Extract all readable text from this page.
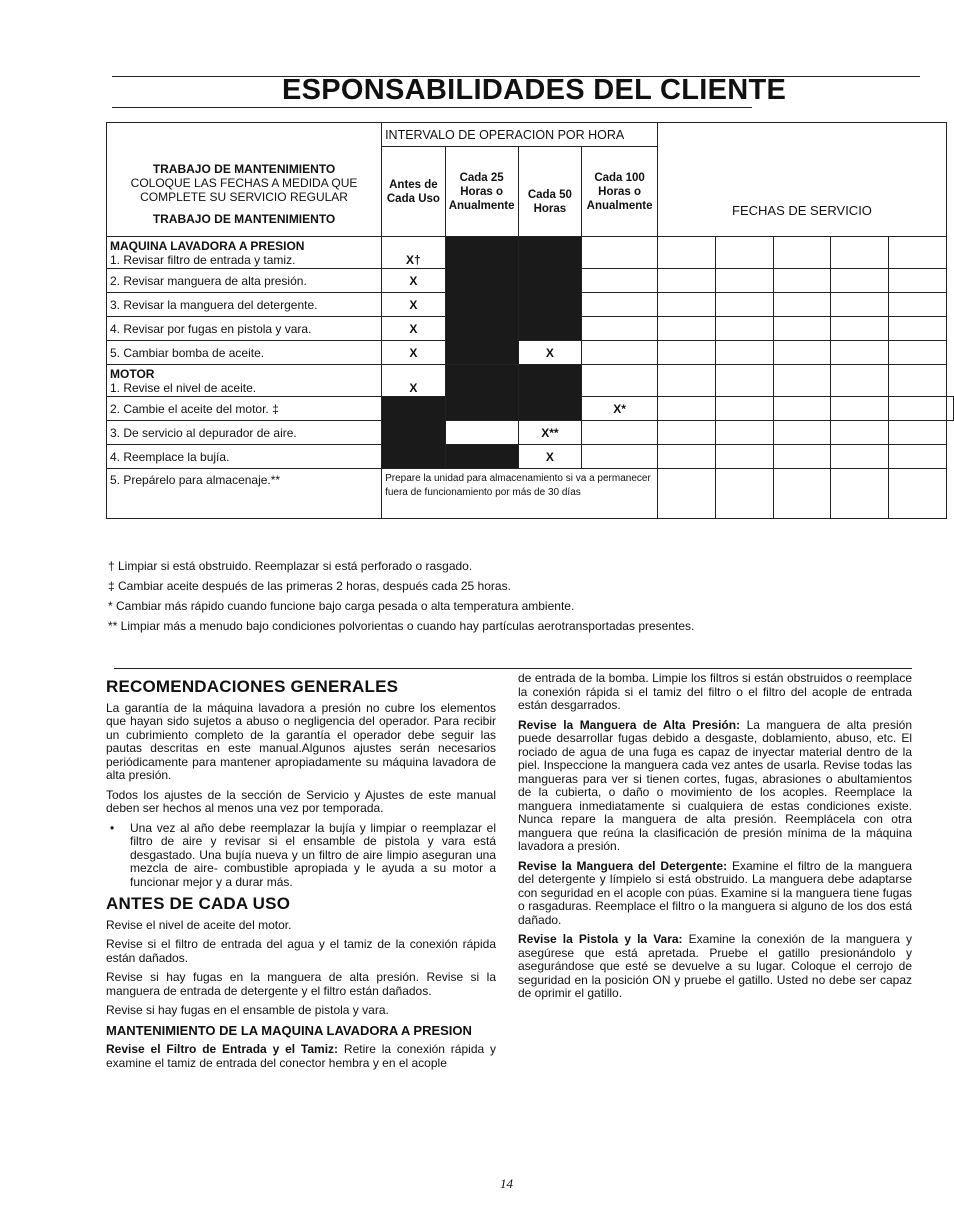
ESPONSABILIDADES DEL CLIENTE
TRABAJO DE MANTENIMIENTO
COLOQUE LAS FECHAS A MEDIDA QUE
COMPLETE SU SERVICIO REGULAR
TRABAJO DE MANTENIMIENTO	INTERVALO DE OPERACION POR HORA				FECHAS DE SERVICIO					
	Antes de Cada Uso	Cada 25 Horas o Anualmente	Cada 50 Horas	Cada 100 Horas o Anualmente						

MAQUINA LAVADORA A PRESION
1. Revisar filtro de entrada y tamiz.	X†									
2. Revisar manguera de alta presión.	X									
3. Revisar la manguera del detergente.	X									
4. Revisar por fugas en pistola y vara.	X									
5. Cambiar bomba de aceite.	X		X							

MOTOR
1. Revise el nivel de aceite.	X									
2. Cambie el aceite del motor. ‡				X*						
3. De servicio al depurador de aire.			X**							
4. Reemplace la bujía.			X							
5. Prepárelo para almacenaje.**	Prepare la unidad para almacenamiento si va a permanecer fuera de funcionamiento por más de 30 días									
† Limpiar si está obstruido. Reemplazar si está perforado o rasgado.
‡ Cambiar aceite después de las primeras 2 horas, después cada 25 horas.
* Cambiar más rápido cuando funcione bajo carga pesada o alta temperatura ambiente.
** Limpiar más a menudo bajo condiciones polvorientas o cuando hay partículas aerotransportadas presentes.
RECOMENDACIONES GENERALES

La garantía de la máquina lavadora a presión no cubre los elementos que hayan sido sujetos a abuso o negligencia del operador. Para recibir un cubrimiento completo de la garantía el operador debe seguir las pautas descritas en este manual.Algunos ajustes serán necesarios periódicamente para mantener apropiadamente su máquina lavadora de alta presión.

Todos los ajustes de la sección de Servicio y Ajustes de este manual deben ser hechos al menos una vez por temporada.

•	Una vez al año debe reemplazar la bujía y limpiar o reemplazar el filtro de aire y revisar si el ensamble de pistola y vara está desgastado. Una bujía nueva y un filtro de aire limpio aseguran una mezcla de aire- combustible apropiada y le ayuda a su motor a funcionar mejor y a durar más.

ANTES DE CADA USO

Revise el nivel de aceite del motor.

Revise si el filtro de entrada del agua y el tamiz de la conexión rápida están dañados.

Revise si hay fugas en la manguera de alta presión. Revise si la manguera de entrada de detergente y el filtro están dañados.

Revise si hay fugas en el ensamble de pistola y vara.

MANTENIMIENTO DE LA MAQUINA LAVADORA A PRESION

Revise el Filtro de Entrada y el Tamiz: Retire la conexión rápida y examine el tamiz de entrada del conector hembra y en el acople

de entrada de la bomba. Limpie los filtros si están obstruidos o reemplace la conexión rápida si el tamiz del filtro o el filtro del acople de entrada están desgarrados.

Revise la Manguera de Alta Presión: La manguera de alta presión puede desarrollar fugas debido a desgaste, doblamiento, abuso, etc. El rociado de agua de una fuga es capaz de inyectar material dentro de la piel. Inspeccione la manguera cada vez antes de usarla. Revise todas las mangueras para ver si tienen cortes, fugas, abrasiones o abultamientos de la cubierta, o daño o movimiento de los acoples. Reemplace la manguera inmediatamente si cualquiera de estas condiciones existe. Nunca repare la manguera de alta presión. Reemplácela con otra manguera que reúna la clasificación de presión mínima de la máquina lavadora a presión.

Revise la Manguera del Detergente: Examine el filtro de la manguera del detergente y límpielo si está obstruido. La manguera debe adaptarse con seguridad en el acople con púas. Examine si la manguera tiene fugas o rasgaduras. Reemplace el filtro o la manguera si alguno de los dos está dañado.

Revise la Pistola y la Vara: Examine la conexión de la manguera y asegúrese que está apretada. Pruebe el gatillo presionándolo y asegurándose que esté se devuelve a su lugar. Coloque el cerrojo de seguridad en la posición ON y pruebe el gatillo. Usted no debe ser capaz de oprimir el gatillo.

14
